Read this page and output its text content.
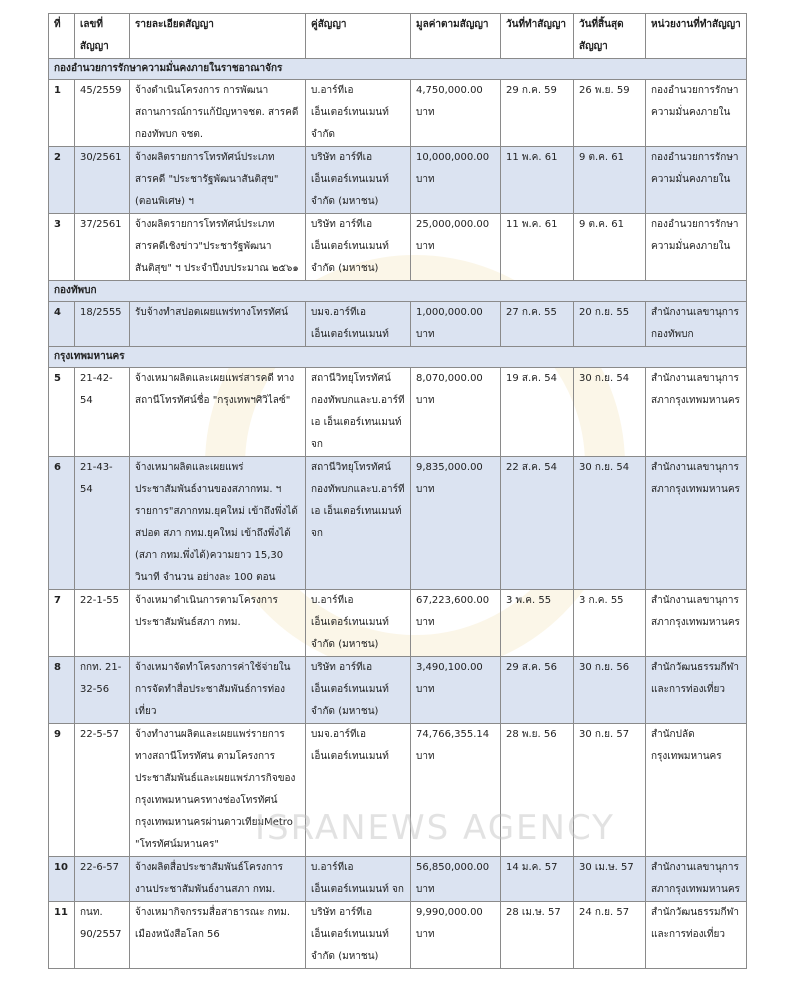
ที่	เลขที่สัญญา	รายละเอียดสัญญา	คู่สัญญา	มูลค่าตามสัญญา	วันที่ทำสัญญา	วันที่สิ้นสุดสัญญา	หน่วยงานที่ทำสัญญา
กองอำนวยการรักษาความมั่นคงภายในราชอาณาจักร							
1	45/2559	จ้างดำเนินโครงการ การพัฒนาสถานการณ์การแก้ปัญหาจชต. สารคดีกองทัพบก จชต.	บ.อาร์ทีเอ เอ็นเตอร์เทนเมนท์ จำกัด	4,750,000.00 บาท	29 ก.ค. 59	26 พ.ย. 59	กองอำนวยการรักษาความมั่นคงภายใน
2	30/2561	จ้างผลิตรายการโทรทัศน์ประเภทสารคดี "ประชารัฐพัฒนาสันติสุข" (ตอนพิเศษ) ฯ	บริษัท อาร์ทีเอ เอ็นเตอร์เทนเมนท์ จำกัด (มหาชน)	10,000,000.00 บาท	11 พ.ค. 61	9 ต.ค. 61	กองอำนวยการรักษาความมั่นคงภายใน
3	37/2561	จ้างผลิตรายการโทรทัศน์ประเภทสารคดีเชิงข่าว"ประชารัฐพัฒนาสันติสุข" ฯ ประจำปีงบประมาณ ๒๕๖๑	บริษัท อาร์ทีเอ เอ็นเตอร์เทนเมนท์ จำกัด (มหาชน)	25,000,000.00 บาท	11 พ.ค. 61	9 ต.ค. 61	กองอำนวยการรักษาความมั่นคงภายใน
กองทัพบก							
4	18/2555	รับจ้างทำสปอตเผยแพร่ทางโทรทัศน์	บมจ.อาร์ทีเอ เอ็นเตอร์เทนเมนท์	1,000,000.00 บาท	27 ก.ค. 55	20 ก.ย. 55	สำนักงานเลขานุการกองทัพบก
กรุงเทพมหานคร							
5	21-42-54	จ้างเหมาผลิตและเผยแพร่สารคดี ทางสถานีโทรทัศน์ชื่อ "กรุงเทพฯศิวิไลซ์"	สถานีวิทยุโทรทัศน์กองทัพบกและบ.อาร์ทีเอ เอ็นเตอร์เทนเมนท์ จก	8,070,000.00 บาท	19 ส.ค. 54	30 ก.ย. 54	สำนักงานเลขานุการสภากรุงเทพมหานคร
6	21-43-54	จ้างเหมาผลิตและเผยแพร่ประชาสัมพันธ์งานของสภากทม. ฯ รายการ"สภากทม.ยุคใหม่ เข้าถึงพึ่งได้สปอต สภา กทม.ยุคใหม่ เข้าถึงพึ่งได้ (สภา กทม.พึ่งได้)ความยาว 15,30 วินาที จำนวน อย่างละ 100 ตอน	สถานีวิทยุโทรทัศน์กองทัพบกและบ.อาร์ทีเอ เอ็นเตอร์เทนเมนท์ จก	9,835,000.00 บาท	22 ส.ค. 54	30 ก.ย. 54	สำนักงานเลขานุการสภากรุงเทพมหานคร
7	22-1-55	จ้างเหมาดำเนินการตามโครงการประชาสัมพันธ์สภา กทม.	บ.อาร์ทีเอ เอ็นเตอร์เทนเมนท์ จำกัด (มหาชน)	67,223,600.00 บาท	3 พ.ค. 55	3 ก.ค. 55	สำนักงานเลขานุการสภากรุงเทพมหานคร
8	กกท. 21-32-56	จ้างเหมาจัดทำโครงการค่าใช้จ่ายในการจัดทำสื่อประชาสัมพันธ์การท่องเที่ยว	บริษัท อาร์ทีเอ เอ็นเตอร์เทนเมนท์ จำกัด (มหาชน)	3,490,100.00 บาท	29 ส.ค. 56	30 ก.ย. 56	สำนักวัฒนธรรมกีฬาและการท่องเที่ยว
9	22-5-57	จ้างทำงานผลิตและเผยแพร่รายการทางสถานีโทรทัศน ตามโครงการประชาสัมพันธ์และเผยแพร่ภารกิจของกรุงเทพมหานครทางช่องโทรทัศน์กรุงเทพมหานครผ่านดาวเทียมMetro "โทรทัศน์มหานคร"	บมจ.อาร์ทีเอ เอ็นเตอร์เทนเมนท์	74,766,355.14 บาท	28 พ.ย. 56	30 ก.ย. 57	สำนักปลัดกรุงเทพมหานคร
10	22-6-57	จ้างผลิตสื่อประชาสัมพันธ์โครงการงานประชาสัมพันธ์งานสภา กทม.	บ.อาร์ทีเอ เอ็นเตอร์เทนเมนท์ จก	56,850,000.00 บาท	14 ม.ค. 57	30 เม.ษ. 57	สำนักงานเลขานุการสภากรุงเทพมหานคร
11	กนท. 90/2557	จ้างเหมากิจกรรมสื่อสาธารณะ กทม. เมืองหนังสือโลก 56	บริษัท อาร์ทีเอ เอ็นเตอร์เทนเมนท์ จำกัด (มหาชน)	9,990,000.00 บาท	28 เม.ษ. 57	24 ก.ย. 57	สำนักวัฒนธรรมกีฬาและการท่องเที่ยว
ISRANEWS AGENCY
